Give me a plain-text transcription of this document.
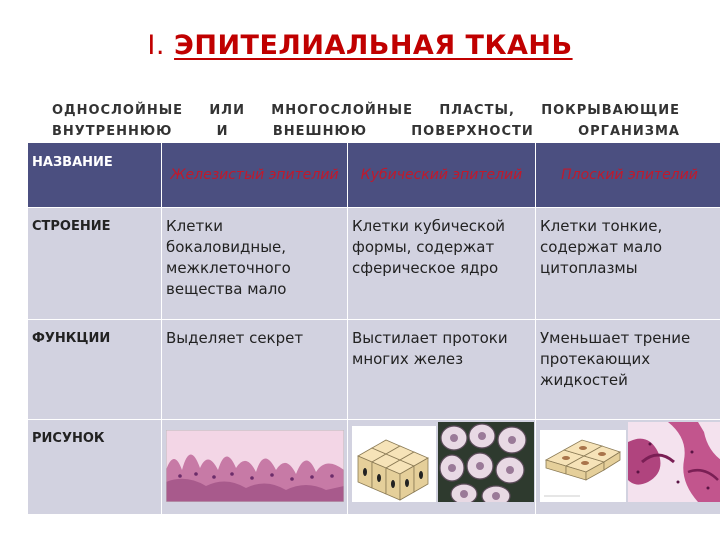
I. ЭПИТЕЛИАЛЬНАЯ ТКАНЬ
ОДНОСЛОЙНЫЕ ИЛИ МНОГОСЛОЙНЫЕ ПЛАСТЫ, ПОКРЫВАЮЩИЕ ВНУТРЕННЮЮ И ВНЕШНЮЮ ПОВЕРХНОСТИ ОРГАНИЗМА
НАЗВАНИЕ	Железистый эпителий	Кубический эпителий	Плоский эпителий
СТРОЕНИЕ	Клетки бокаловидные, межклеточного вещества мало	Клетки кубической формы, содержат сферическое ядро	Клетки тонкие, содержат мало цитоплазмы
ФУНКЦИИ	Выделяет секрет	Выстилает протоки многих желез	Уменьшает трение протекающих жидкостей
РИСУНОК	
